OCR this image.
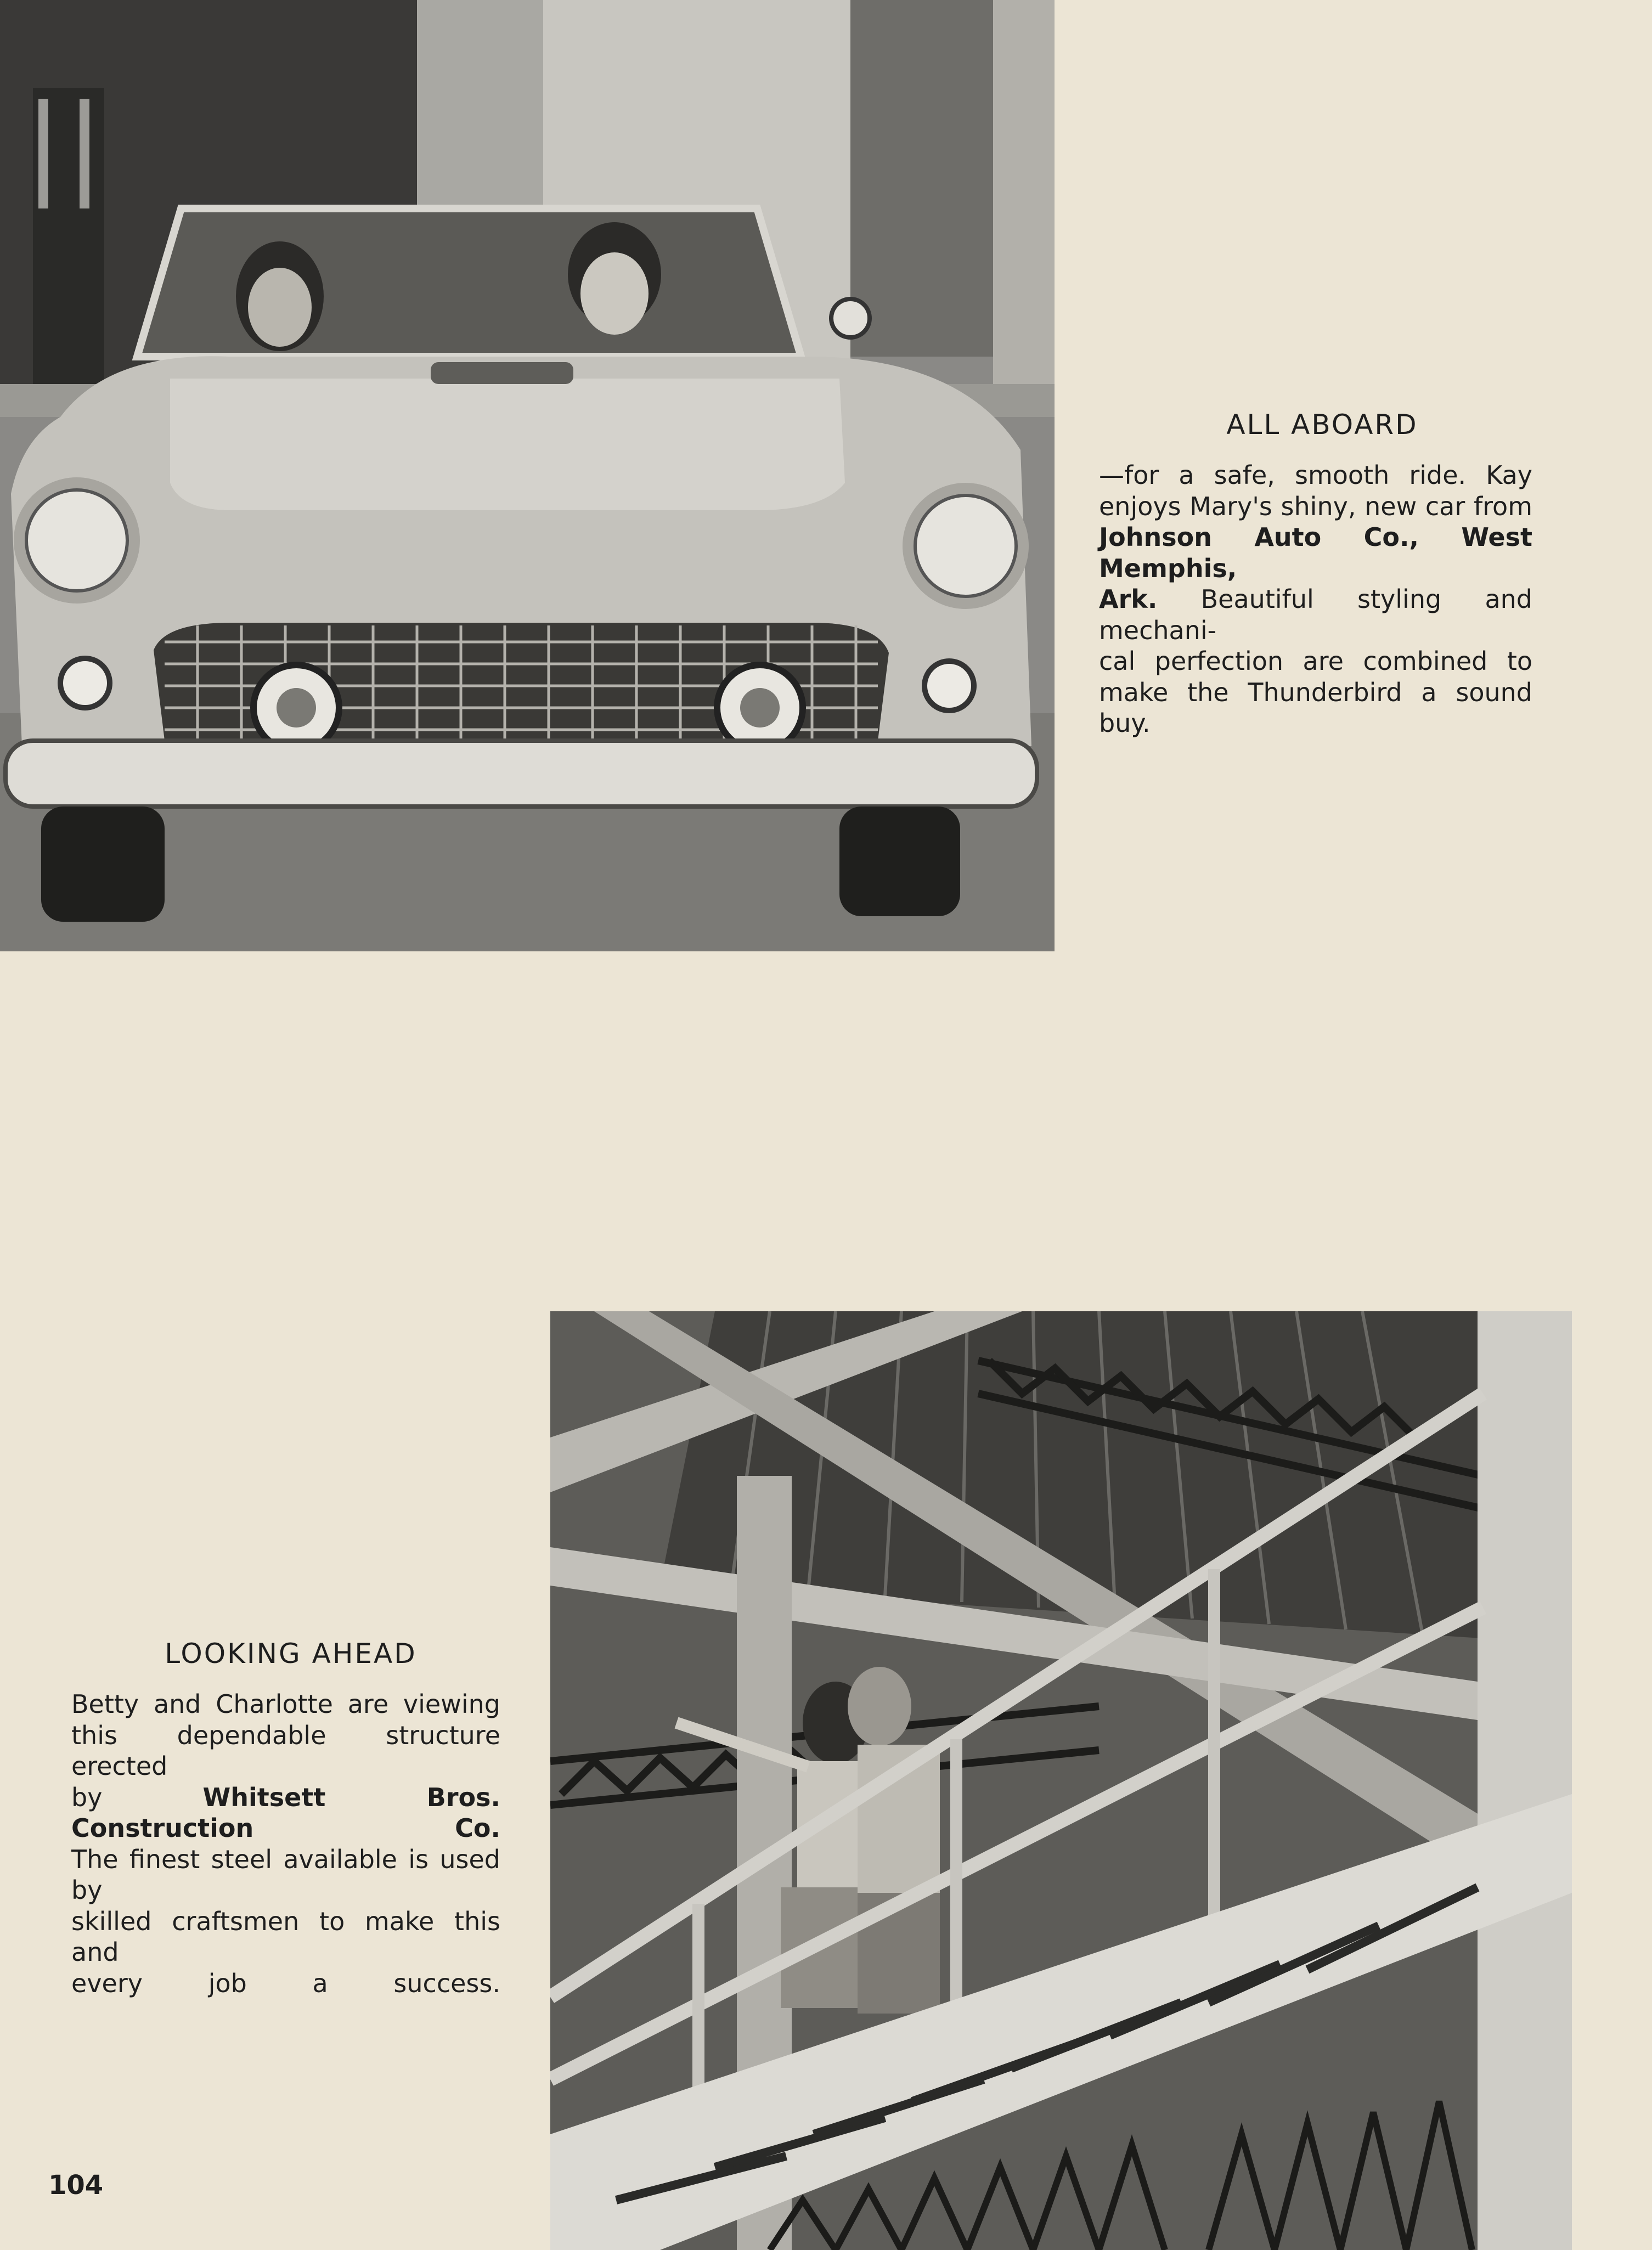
ALL ABOARD

—for a safe, smooth ride. Kay
enjoys Mary's shiny, new car from
Johnson Auto Co., West Memphis,
Ark. Beautiful styling and mechani-
cal perfection are combined to
make the Thunderbird a sound buy.

LOOKING AHEAD

Betty and Charlotte are viewing
this dependable structure erected
by Whitsett Bros. Construction Co.
The finest steel available is used by
skilled craftsmen to make this and
every job a success.

104
